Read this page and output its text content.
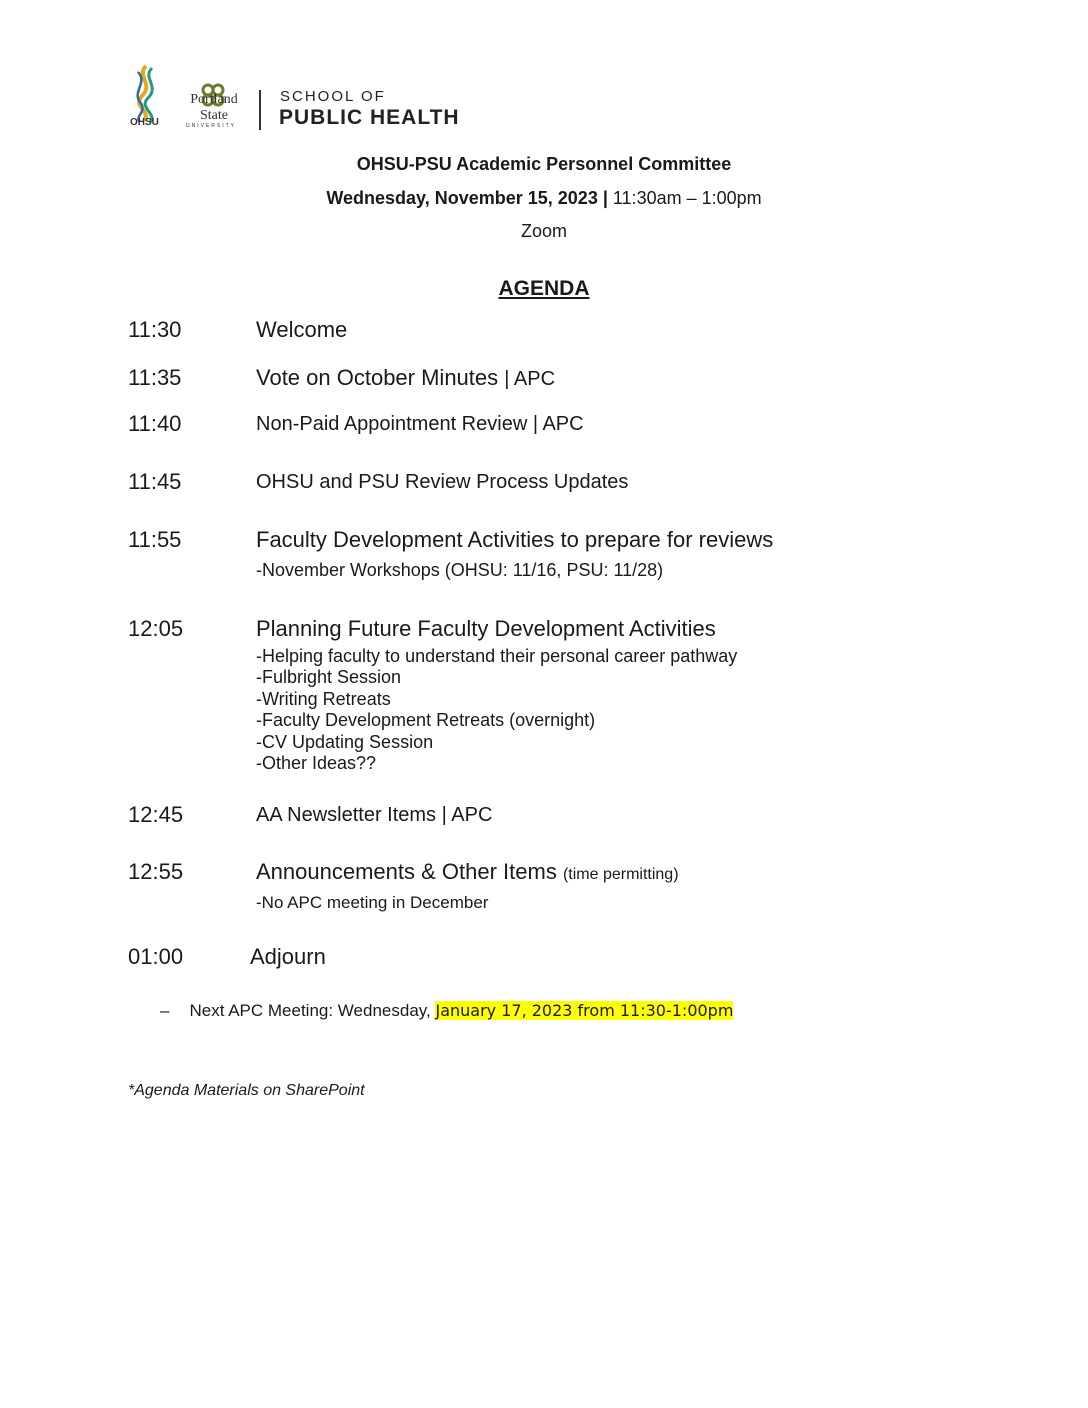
OHSU
Portland
State
UNIVERSITY
SCHOOL OF
PUBLIC HEALTH
OHSU-PSU Academic Personnel Committee
Wednesday, November 15, 2023 | 11:30am – 1:00pm
Zoom
AGENDA
11:30	Welcome
11:35	Vote on October Minutes | APC
11:40	Non-Paid Appointment Review | APC
11:45	OHSU and PSU Review Process Updates
11:55	Faculty Development Activities to prepare for reviews
-November Workshops (OHSU: 11/16, PSU: 11/28)
12:05	Planning Future Faculty Development Activities
-Helping faculty to understand their personal career pathway
-Fulbright Session
-Writing Retreats
-Faculty Development Retreats (overnight)
-CV Updating Session
-Other Ideas??
12:45	AA Newsletter Items | APC
12:55	Announcements & Other Items (time permitting)
-No APC meeting in December
01:00	Adjourn
– Next APC Meeting: Wednesday, January 17, 2023 from 11:30-1:00pm
*Agenda Materials on SharePoint
